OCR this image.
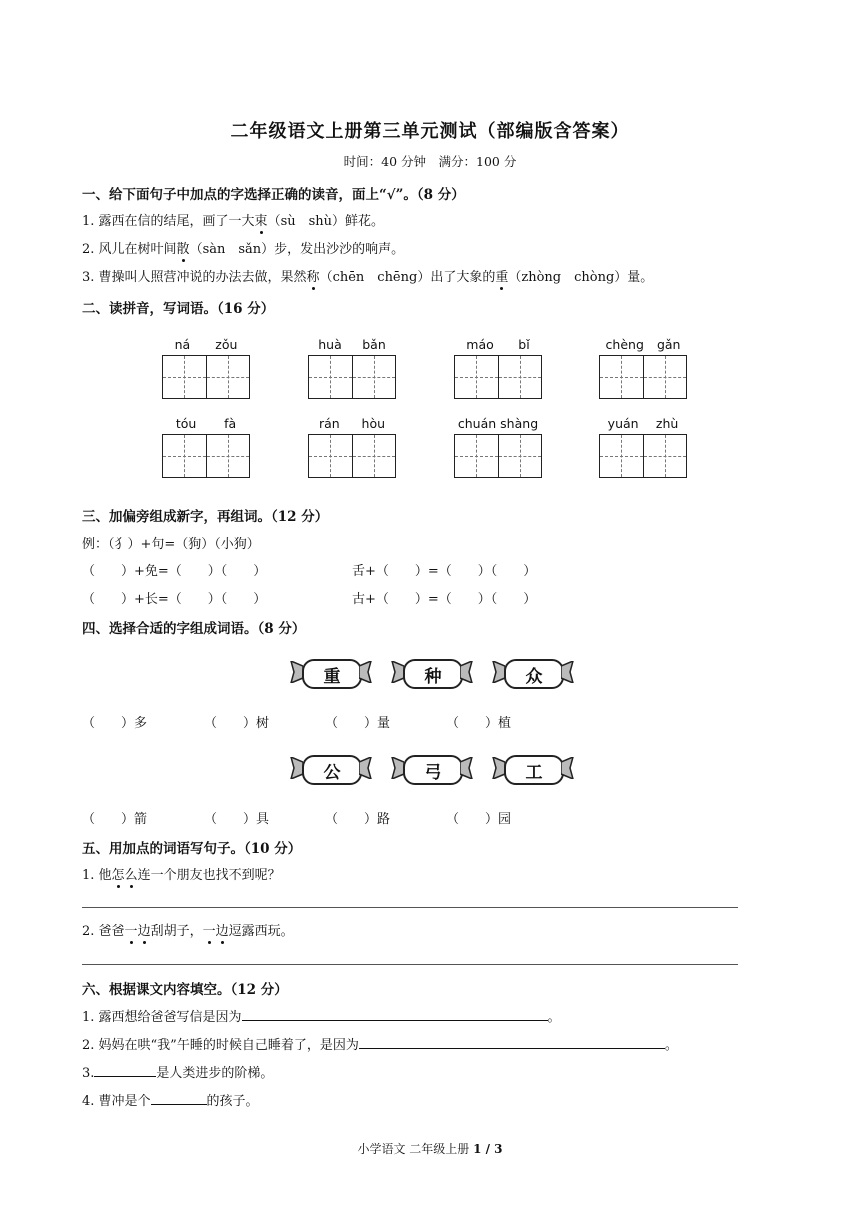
二年级语文上册第三单元测试（部编版含答案）
时间：40 分钟　满分：100 分
一、给下面句子中加点的字选择正确的读音，面上“√”。（8 分）
1. 露西在信的结尾，画了一大束（sù　shù）鲜花。
2. 风儿在树叶间散（sàn　sǎn）步，发出沙沙的响声。
3. 曹操叫人照营冲说的办法去做，果然称（chēn　chēng）出了大象的重（zhòng　chòng）量。
二、读拼音，写词语。（16 分）
ná zǒu	huà bǎn	máo bǐ	chèng gǎn
tóu fà	rán hòu	chuán shàng	yuán zhù
三、加偏旁组成新字，再组词。（12 分）
例：（犭）+句=（狗）（小狗）
（　　）+免=（　　）（　　）	舌+（　　）=（　　）（　　）
（　　）+长=（　　）（　　）	古+（　　）=（　　）（　　）
四、选择合适的字组成词语。（8 分）
重	种	众
（　　）多	（　　）树	（　　）量	（　　）植
公	弓	工
（　　）箭	（　　）具	（　　）路	（　　）园
五、用加点的词语写句子。（10 分）
1. 他怎么连一个朋友也找不到呢？
2. 爸爸一边刮胡子，一边逗露西玩。
六、根据课文内容填空。（12 分）
1. 露西想给爸爸写信是因为	。
2. 妈妈在哄“我”午睡的时候自己睡着了，是因为	。
3.	是人类进步的阶梯。
4. 曹冲是个	的孩子。
小学语文 二年级上册 1 / 3
